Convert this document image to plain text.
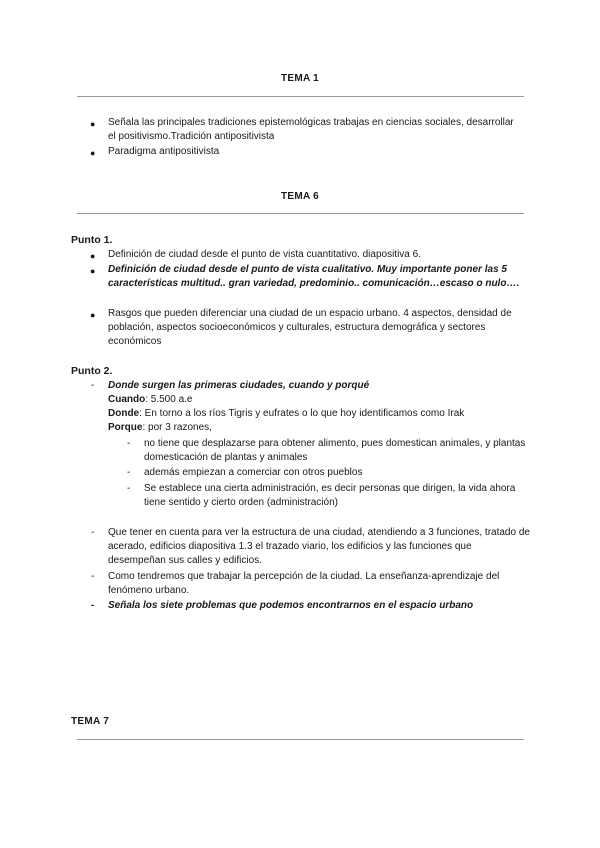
TEMA 1
● Señala las principales tradiciones epistemológicas trabajas en ciencias sociales, desarrollar el positivismo.Tradición antipositivista
● Paradigma antipositivista
TEMA 6
Punto 1.
● Definición de ciudad desde el punto de vista cuantitativo. diapositiva 6.
● Definición de ciudad desde el punto de vista cualitativo. Muy importante poner las 5 características multitud.. gran variedad, predominio.. comunicación…escaso o nulo….
● Rasgos que pueden diferenciar una ciudad de un espacio urbano. 4 aspectos, densidad de población, aspectos socioeconómicos y culturales, estructura demográfica y sectores económicos
Punto 2.
- Donde surgen las primeras ciudades, cuando y porqué
Cuando: 5.500 a.e
Donde: En torno a los ríos Tigris y eufrates o lo que hoy identificamos como Irak
Porque: por 3 razones,
- no tiene que desplazarse para obtener alimento, pues domestican animales, y plantas domesticación de plantas y animales
- además empiezan a comerciar con otros pueblos
- Se establece una cierta administración, es decir personas que dirigen, la vida ahora tiene sentido y cierto orden (administración)
- Que tener en cuenta para ver la estructura de una ciudad, atendiendo a 3 funciones, tratado de acerado, edificios diapositiva 1.3 el trazado viario, los edificios y las funciones que desempeñan sus calles y edificios.
- Como tendremos que trabajar la percepción de la ciudad. La enseñanza-aprendizaje del fenómeno urbano.
- Señala los siete problemas que podemos encontrarnos en el espacio urbano
TEMA 7
